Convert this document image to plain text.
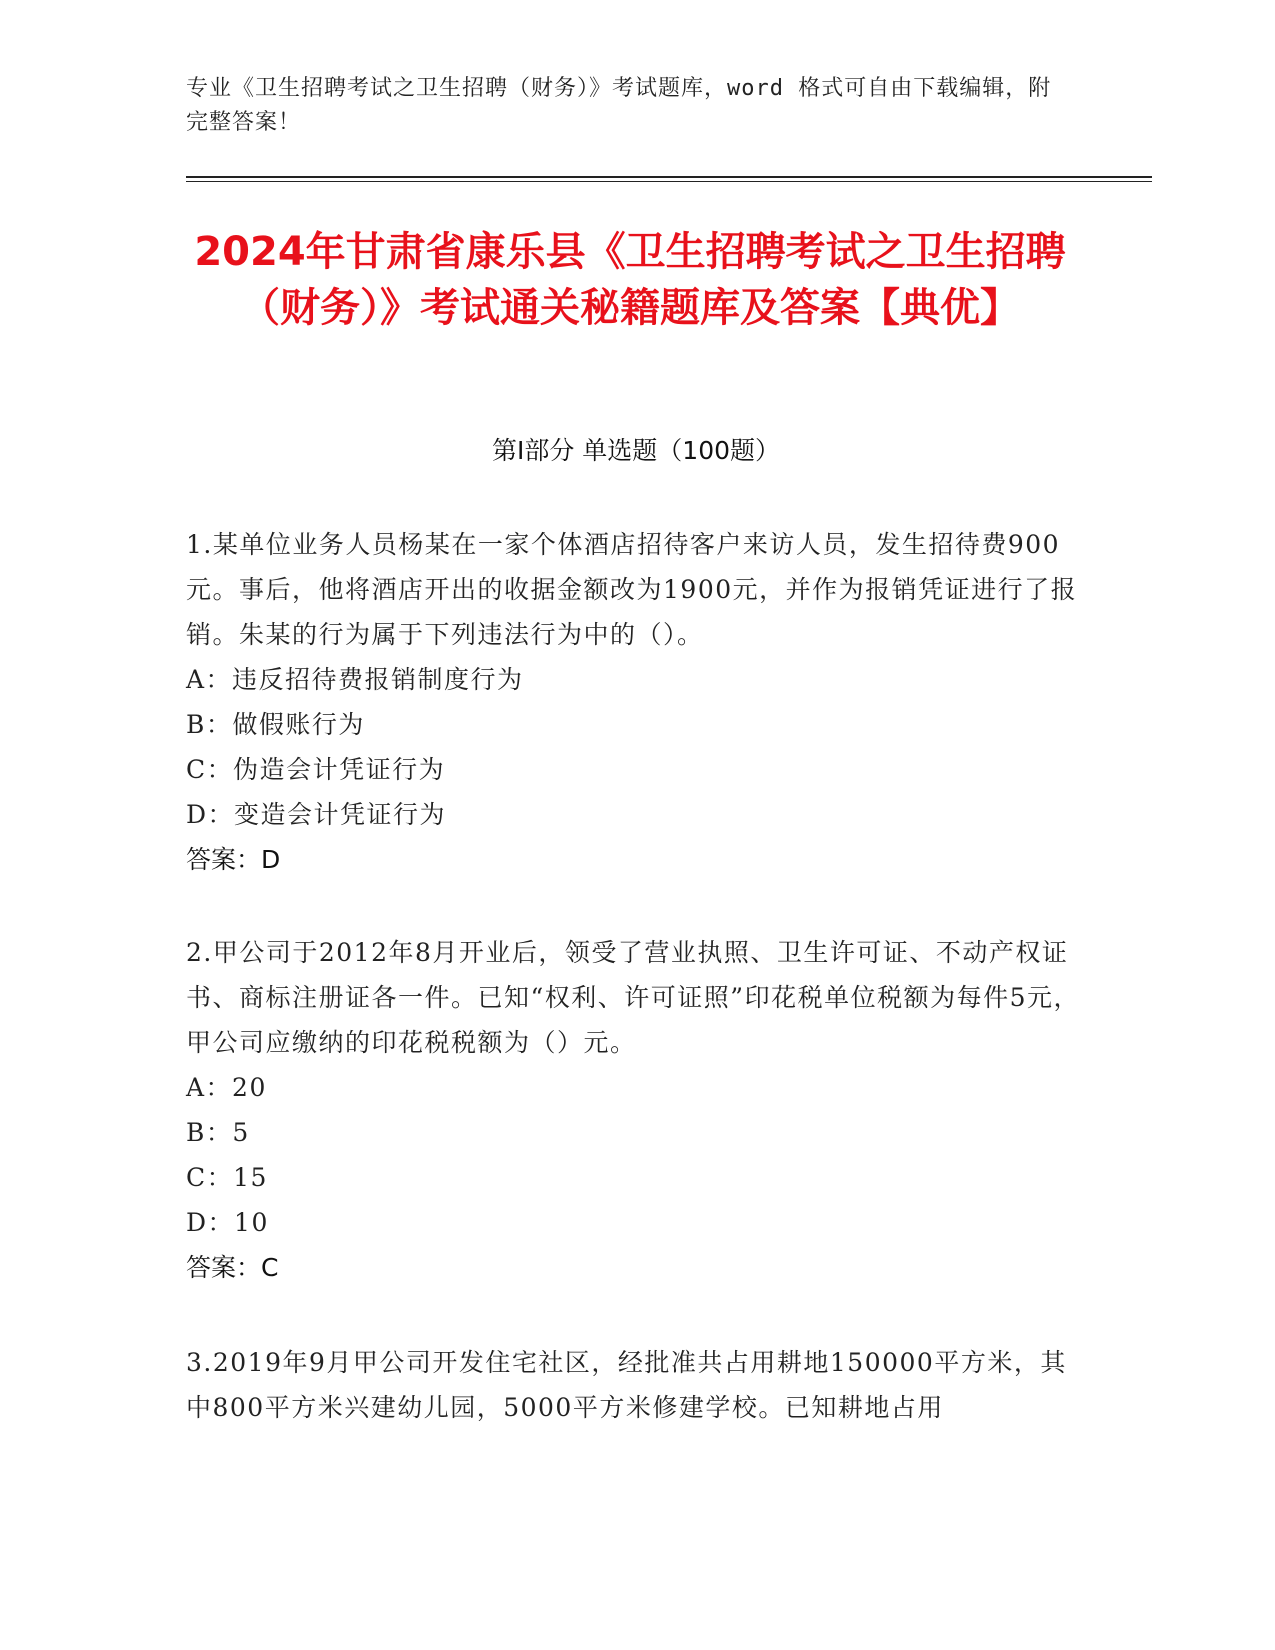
专业《卫生招聘考试之卫生招聘（财务）》考试题库，word 格式可自由下载编辑，附完整答案！
2024年甘肃省康乐县《卫生招聘考试之卫生招聘（财务）》考试通关秘籍题库及答案【典优】
第I部分 单选题（100题）
1.某单位业务人员杨某在一家个体酒店招待客户来访人员，发生招待费900元。事后，他将酒店开出的收据金额改为1900元，并作为报销凭证进行了报销。朱某的行为属于下列违法行为中的（）。
A：违反招待费报销制度行为
B：做假账行为
C：伪造会计凭证行为
D：变造会计凭证行为
答案：D
2.甲公司于2012年8月开业后，领受了营业执照、卫生许可证、不动产权证书、商标注册证各一件。已知“权利、许可证照”印花税单位税额为每件5元，甲公司应缴纳的印花税税额为（）元。
A：20
B：5
C：15
D：10
答案：C
3.2019年9月甲公司开发住宅社区，经批准共占用耕地150000平方米，其中800平方米兴建幼儿园，5000平方米修建学校。已知耕地占用
